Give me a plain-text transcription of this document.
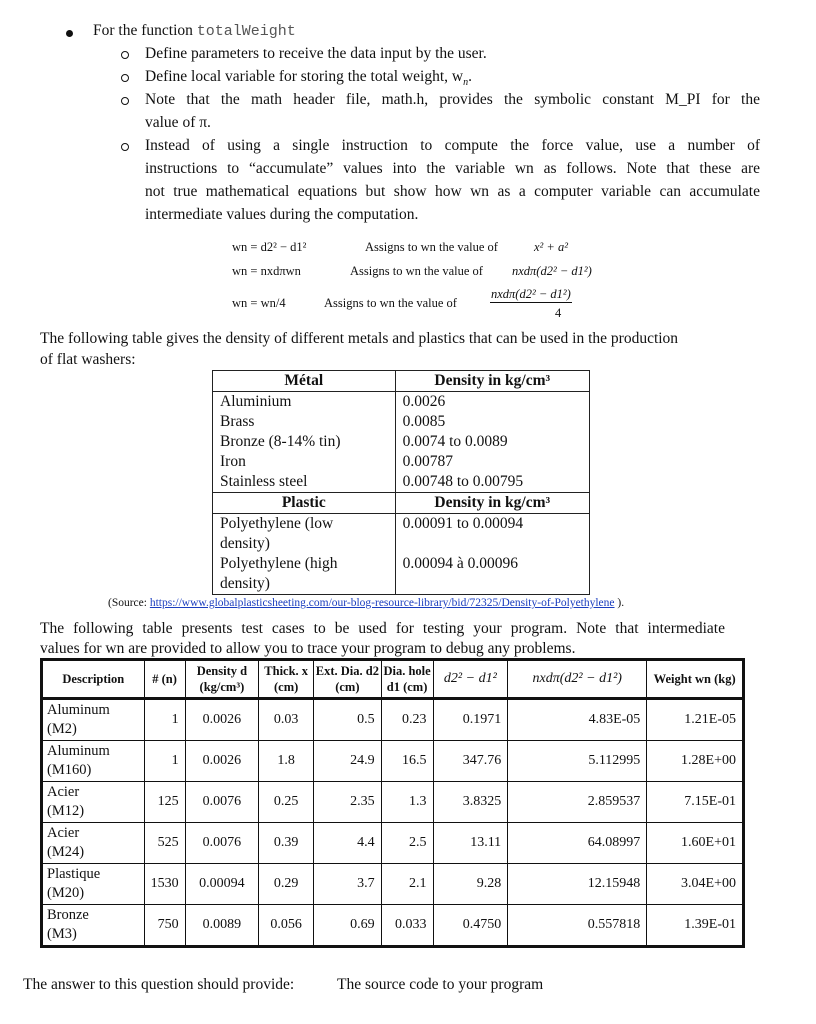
For the function totalWeight
Define parameters to receive the data input by the user.
Define local variable for storing the total weight, $w_n$.
Note that the math header file, math.h, provides the symbolic constant M_PI for the
value of π.
Instead of using a single instruction to compute the force value, use a number of
instructions to “accumulate” values into the variable wn as follows. Note that these are
not true mathematical equations but show how wn as a computer variable can accumulate
intermediate values during the computation.
wn = d2² − d1²	Assigns to wn the value of	x² + a²
wn = nxdπwn	Assigns to wn the value of nxdπ(d2² − d1²)
wn = wn/4	Assigns to wn the value of
nxdπ(d2² − d1²)
4
The following table gives the density of different metals and plastics that can be used in the production
of flat washers:
Métal	Density in kg/cm³
Aluminium	0.0026
Brass	0.0085
Bronze (8-14% tin)	0.0074 to 0.0089
Iron	0.00787
Stainless steel	0.00748 to 0.00795
Plastic	Density in kg/cm³
Polyethylene (low
density)	0.00091 to 0.00094
Polyethylene (high
density)	0.00094 à 0.00096
(Source: https://www.globalplasticsheeting.com/our-blog-resource-library/bid/72325/Density-of-Polyethylene ).
The following table presents test cases to be used for testing your program. Note that intermediate
values for wn are provided to allow you to trace your program to debug any problems.
Description	# (n)	Density d (kg/cm³)	Thick. x (cm)	Ext. Dia. d2 (cm)	Dia. hole d1 (cm)	d2² − d1²	nxdπ(d2² − d1²)	Weight wn (kg)
Aluminum
(M2)	1	0.0026	0.03	0.5	0.23	0.1971	4.83E-05	1.21E-05
Aluminum
(M160)	1	0.0026	1.8	24.9	16.5	347.76	5.112995	1.28E+00
Acier
(M12)	125	0.0076	0.25	2.35	1.3	3.8325	2.859537	7.15E-01
Acier
(M24)	525	0.0076	0.39	4.4	2.5	13.11	64.08997	1.60E+01
Plastique
(M20)	1530	0.00094	0.29	3.7	2.1	9.28	12.15948	3.04E+00
Bronze
(M3)	750	0.0089	0.056	0.69	0.033	0.4750	0.557818	1.39E-01
The answer to this question should provide:	The source code to your program
